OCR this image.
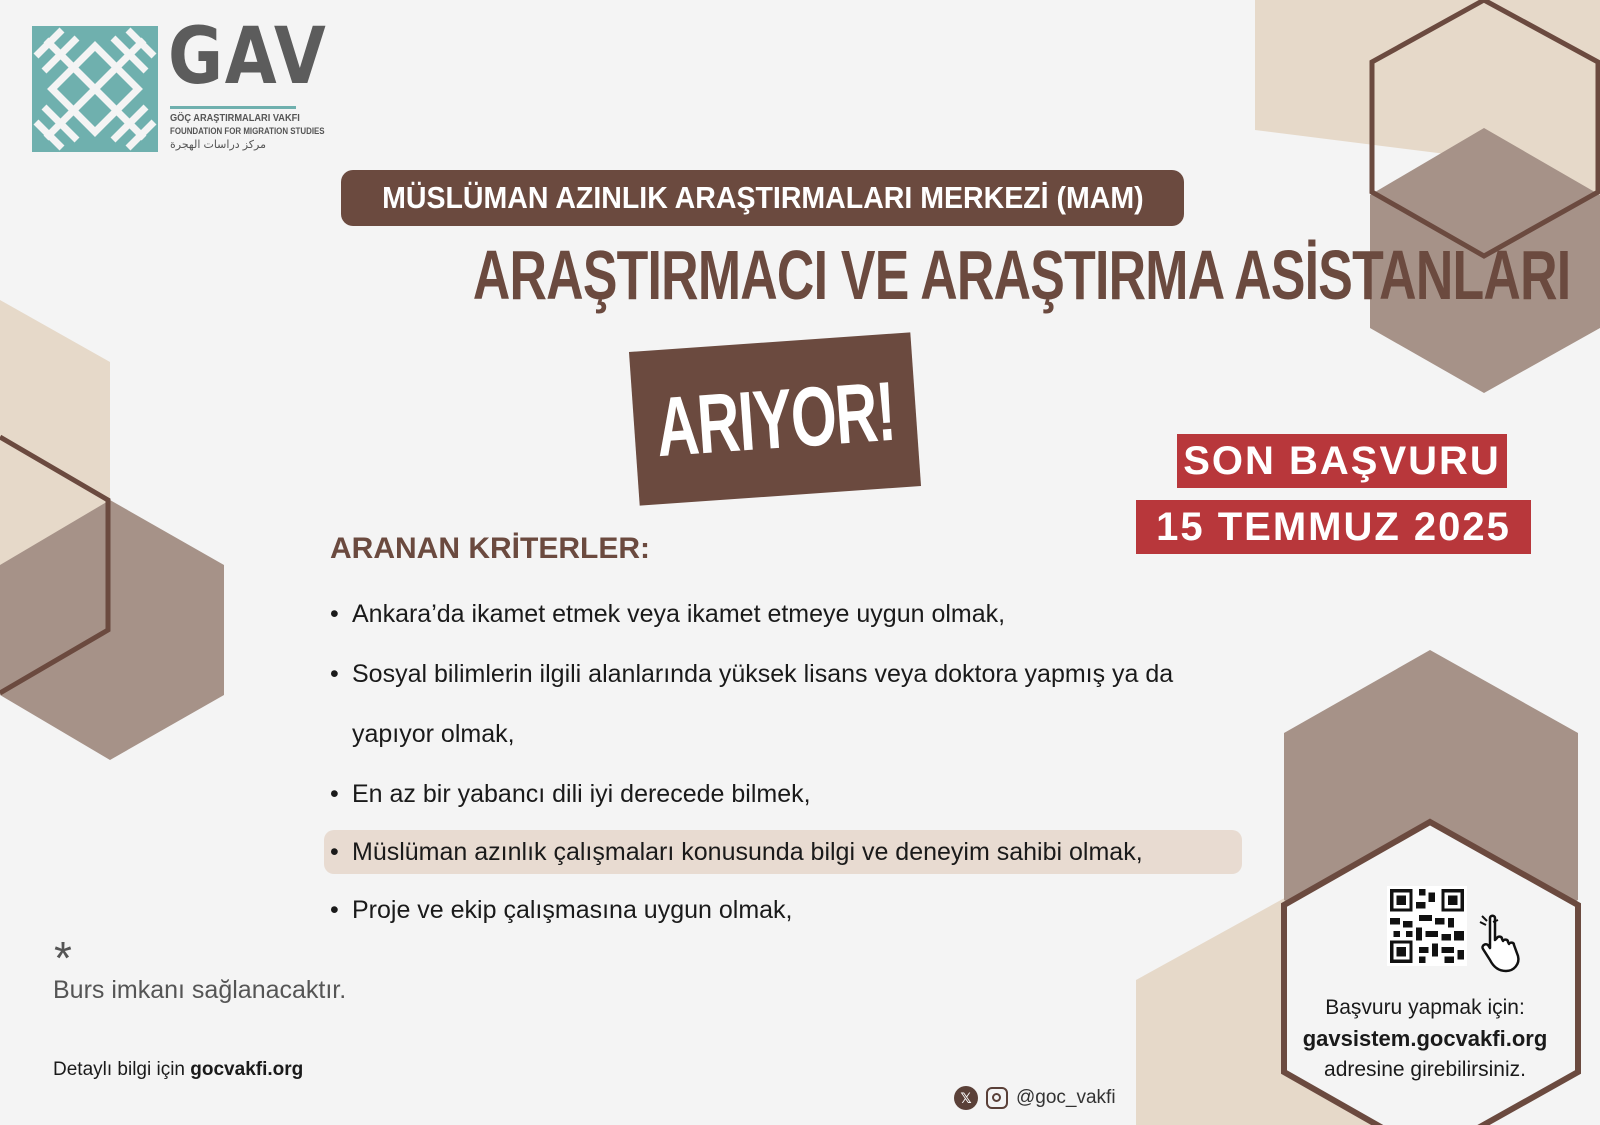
GAV
GÖÇ ARAŞTIRMALARI VAKFI
FOUNDATION FOR MIGRATION STUDIES
مركز دراسات الهجرة
MÜSLÜMAN AZINLIK ARAŞTIRMALARI MERKEZİ (MAM)
ARAŞTIRMACI VE ARAŞTIRMA ASİSTANLARI
ARIYOR!	SON BAŞVURU
15 TEMMUZ 2025
ARANAN KRİTERLER:
• Ankara’da ikamet etmek veya ikamet etmeye uygun olmak,
• Sosyal bilimlerin ilgili alanlarında yüksek lisans veya doktora yapmış ya da
yapıyor olmak,
• En az bir yabancı dili iyi derecede bilmek,
• Müslüman azınlık çalışmaları konusunda bilgi ve deneyim sahibi olmak,
• Proje ve ekip çalışmasına uygun olmak,
*
Burs imkanı sağlanacaktır.
Detaylı bilgi için gocvakfi.org
𝕏	@goc_vakfi
Başvuru yapmak için:
gavsistem.gocvakfi.org
adresine girebilirsiniz.
